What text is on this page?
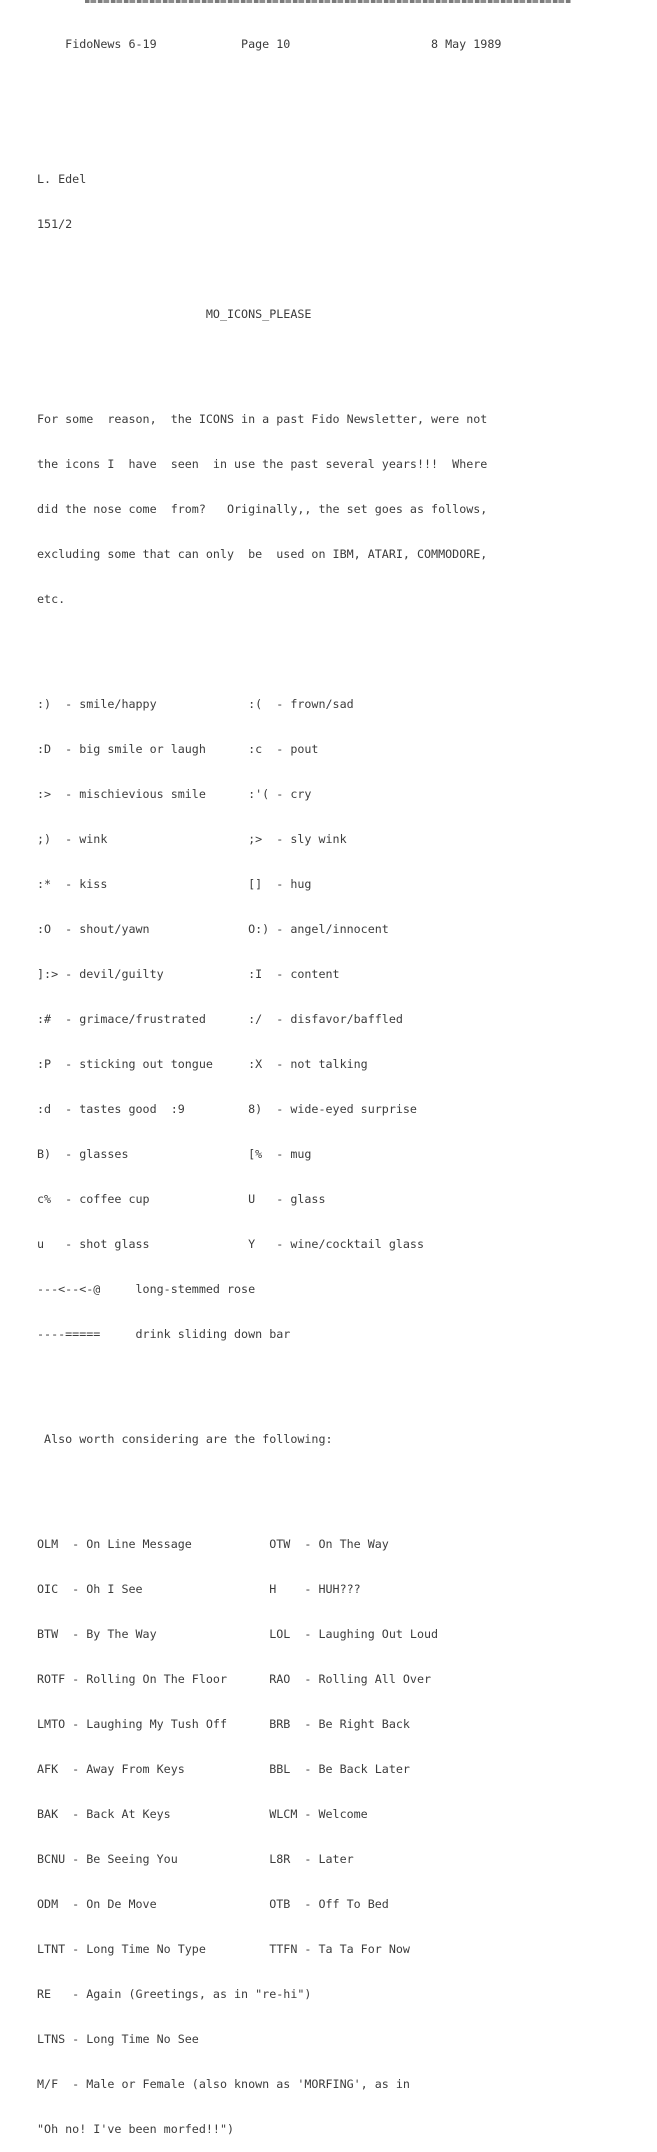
FidoNews 6-19

	Page 10

	8 May 1989

L. Edel

151/2

MO_ICONS_PLEASE

For some  reason,  the ICONS in a past Fido Newsletter, were not

the icons I  have  seen  in use the past several years!!!  Where

did the nose come  from?   Originally,, the set goes as follows,

excluding some that can only  be  used on IBM, ATARI, COMMODORE,

etc.

:)  - smile/happy             :(  - frown/sad

:D  - big smile or laugh      :c  - pout

:>  - mischievious smile      :'( - cry

;)  - wink                    ;>  - sly wink

:*  - kiss                    []  - hug

:O  - shout/yawn              O:) - angel/innocent

]:> - devil/guilty            :I  - content

:#  - grimace/frustrated      :/  - disfavor/baffled

:P  - sticking out tongue     :X  - not talking

:d  - tastes good  :9         8)  - wide-eyed surprise

B)  - glasses                 [%  - mug

c%  - coffee cup              U   - glass

u   - shot glass              Y   - wine/cocktail glass

---<--<-@     long-stemmed rose

----=====     drink sliding down bar

Also worth considering are the following:

OLM  - On Line Message           OTW  - On The Way

OIC  - Oh I See                  H    - HUH???

BTW  - By The Way                LOL  - Laughing Out Loud

ROTF - Rolling On The Floor      RAO  - Rolling All Over

LMTO - Laughing My Tush Off      BRB  - Be Right Back

AFK  - Away From Keys            BBL  - Be Back Later

BAK  - Back At Keys              WLCM - Welcome

BCNU - Be Seeing You             L8R  - Later

ODM  - On De Move                OTB  - Off To Bed

LTNT - Long Time No Type         TTFN - Ta Ta For Now

RE   - Again (Greetings, as in "re-hi")

LTNS - Long Time No See

M/F  - Male or Female (also known as 'MORFING', as in

"Oh no! I've been morfed!!")
